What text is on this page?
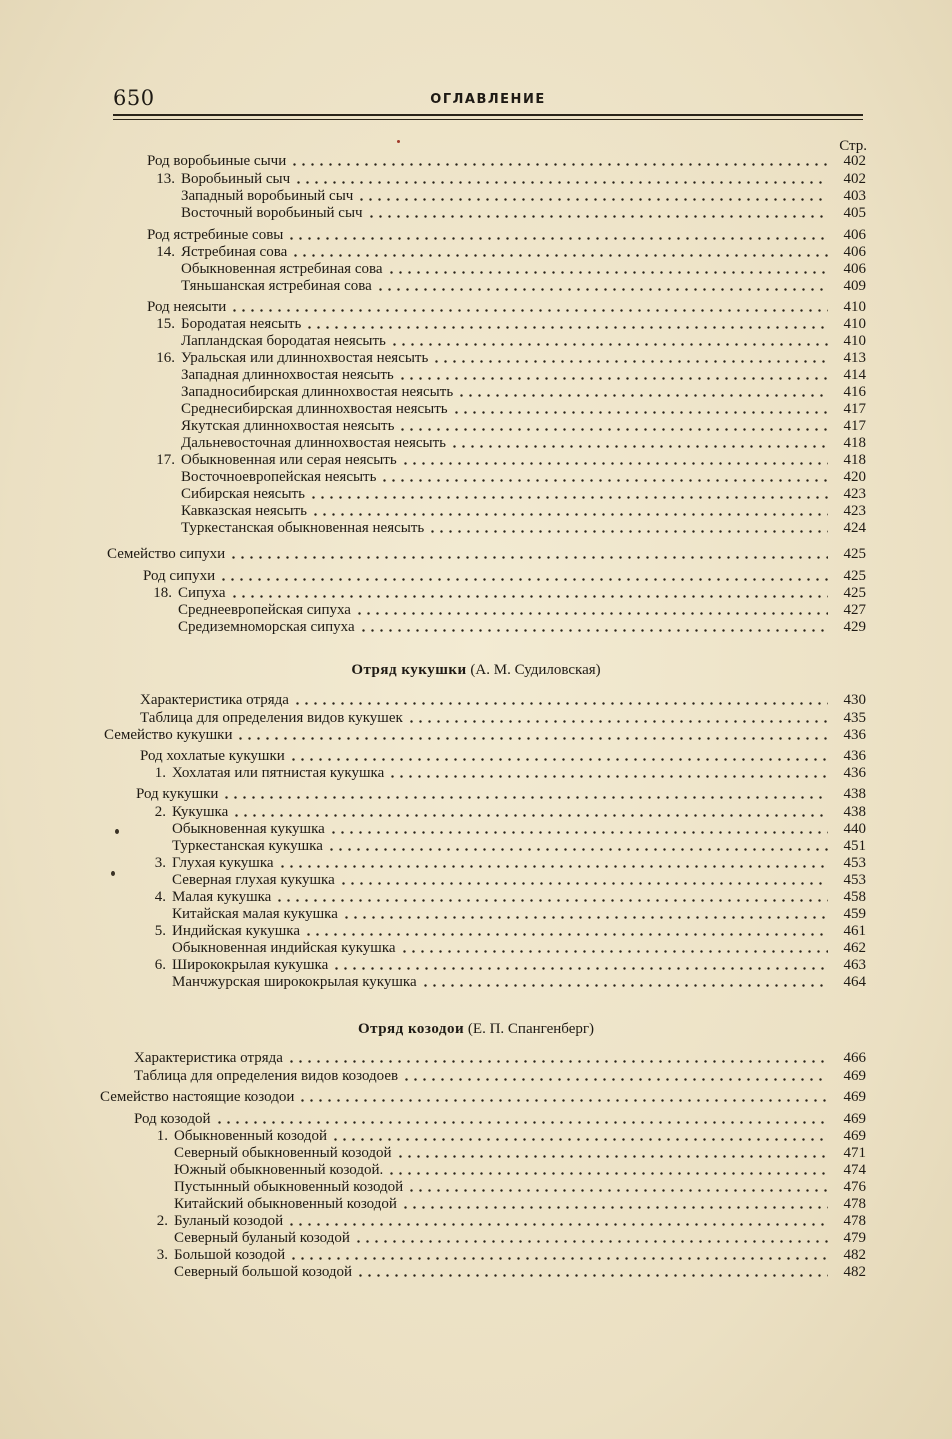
650	ОГЛАВЛЕНИЕ
Стр.
Род воробьиные сычи	402
13. Воробьиный сыч	402
Западный воробьиный сыч	403
Восточный воробьиный сыч	405
Род ястребиные совы	406
14. Ястребиная сова	406
Обыкновенная ястребиная сова	406
Тяньшанская ястребиная сова	409
Род неясыти	410
15. Бородатая неясыть	410
Лапландская бородатая неясыть	410
16. Уральская или длиннохвостая неясыть	413
Западная длиннохвостая неясыть	414
Западносибирская длиннохвостая неясыть	416
Среднесибирская длиннохвостая неясыть	417
Якутская длиннохвостая неясыть	417
Дальневосточная длиннохвостая неясыть	418
17. Обыкновенная или серая неясыть	418
Восточноевропейская неясыть	420
Сибирская неясыть	423
Кавказская неясыть	423
Туркестанская обыкновенная неясыть	424
Семейство сипухи	425
Род сипухи	425
18. Сипуха	425
Среднеевропейская сипуха	427
Средиземноморская сипуха	429
Отряд кукушки (А. М. Судиловская)
Характеристика отряда	430
Таблица для определения видов кукушек	435
Семейство кукушки	436
Род хохлатые кукушки	436
1. Хохлатая или пятнистая кукушка	436
Род кукушки	438
2. Кукушка	438
Обыкновенная кукушка	440
Туркестанская кукушка	451
3. Глухая кукушка	453
Северная глухая кукушка	453
4. Малая кукушка	458
Китайская малая кукушка	459
5. Индийская кукушка	461
Обыкновенная индийская кукушка	462
6. Ширококрылая кукушка	463
Манчжурская ширококрылая кукушка	464
Отряд козодои (Е. П. Спангенберг)
Характеристика отряда	466
Таблица для определения видов козодоев	469
Семейство настоящие козодои	469
Род козодой	469
1. Обыкновенный козодой	469
Северный обыкновенный козодой	471
Южный обыкновенный козодой.	474
Пустынный обыкновенный козодой	476
Китайский обыкновенный козодой	478
2. Буланый козодой	478
Северный буланый козодой	479
3. Большой козодой	482
Северный большой козодой	482
